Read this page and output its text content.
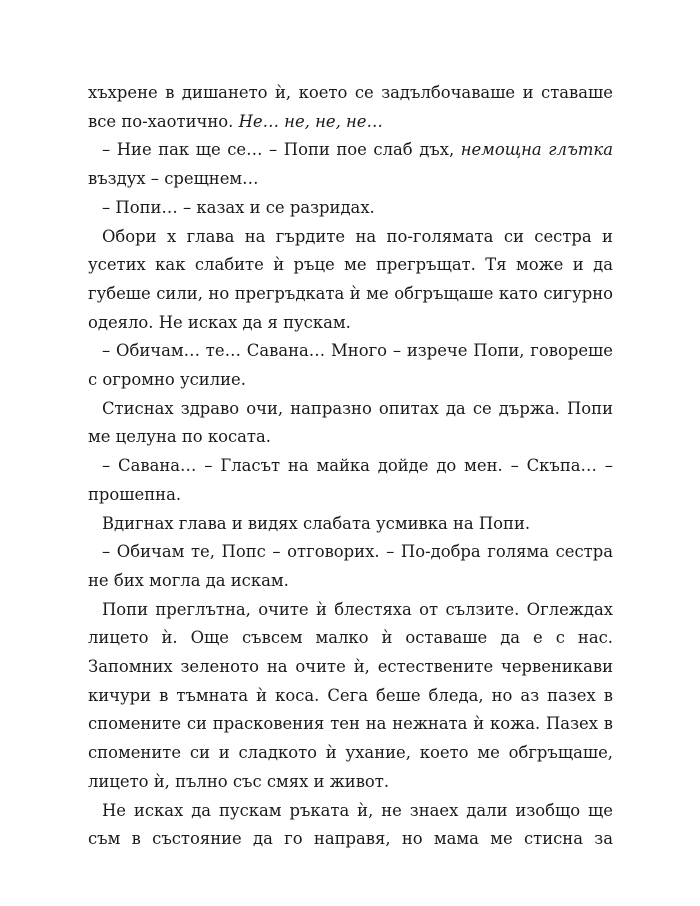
хъхрене в дишането ѝ, което се задълбочаваше и ставаше все по-хаотично. Не… не, не, не…

– Ние пак ще се… – Попи пое слаб дъх, немощна глътка въздух – срещнем…

– Попи… – казах и се разридах.

Обори х глава на гърдите на по-голямата си сестра и усетих как слабите ѝ ръце ме прегръщат. Тя може и да губеше сили, но прегръдката ѝ ме обгръщаше като сигурно одеяло. Не исках да я пускам.

– Обичам… те… Савана… Много – изрече Попи, говореше с огромно усилие.

Стиснах здраво очи, напразно опитах да се държа. Попи ме целуна по косата.

– Савана… – Гласът на майка дойде до мен. – Скъпа… – прошепна.

Вдигнах глава и видях слабата усмивка на Попи.

– Обичам те, Попс – отговорих. – По-добра голяма сестра не бих могла да искам.

Попи преглътна, очите ѝ блестяха от сълзите. Оглеждах лицето ѝ. Още съвсем малко ѝ оставаше да е с нас. Запомних зеленото на очите ѝ, естествените червеникави кичури в тъмната ѝ коса. Сега беше бледа, но аз пазех в спомените си праскoвения тен на нежната ѝ кожа. Пазех в спомените си и сладкото ѝ ухание, което ме обгръщаше, лицето ѝ, пълно със смях и живот.

Не исках да пускам ръката ѝ, не знаех дали изобщо ще съм в състояние да го направя, но мама ме стисна за
